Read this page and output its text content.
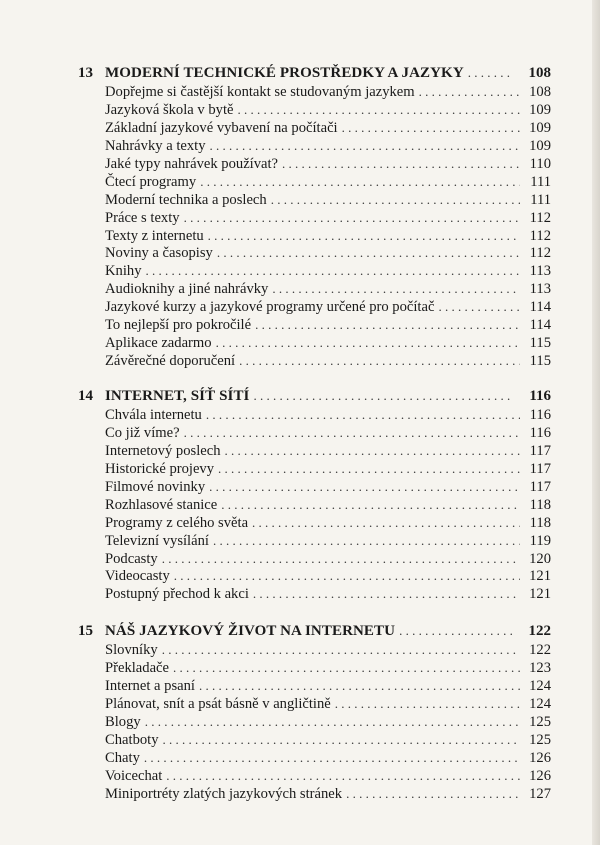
13 MODERNÍ TECHNICKÉ PROSTŘEDKY A JAZYKY . . .	108
Dopřejme si častější kontakt se studovaným jazykem . . .	108
Jazyková škola v bytě . . .	109
Základní jazykové vybavení na počítači . . .	109
Nahrávky a texty . . .	109
Jaké typy nahrávek používat? . . .	110
Čtecí programy . . .	111
Moderní technika a poslech . . .	111
Práce s texty . . .	112
Texty z internetu . . .	112
Noviny a časopisy . . .	112
Knihy . . .	113
Audioknihy a jiné nahrávky . . .	113
Jazykové kurzy a jazykové programy určené pro počítač . . .	114
To nejlepší pro pokročilé . . .	114
Aplikace zadarmo . . .	115
Závěrečné doporučení . . .	115
14 INTERNET, SÍŤ SÍTÍ . . .	116
Chvála internetu . . .	116
Co již víme? . . .	116
Internetový poslech . . .	117
Historické projevy . . .	117
Filmové novinky . . .	117
Rozhlasové stanice . . .	118
Programy z celého světa . . .	118
Televizní vysílání . . .	119
Podcasty . . .	120
Videocasty . . .	121
Postupný přechod k akci . . .	121
15 NÁŠ JAZYKOVÝ ŽIVOT NA INTERNETU . . .	122
Slovníky . . .	122
Překladače . . .	123
Internet a psaní . . .	124
Plánovat, snít a psát básně v angličtině . . .	124
Blogy . . .	125
Chatboty . . .	125
Chaty . . .	126
Voicechat . . .	126
Miniportréty zlatých jazykových stránek . . .	127
